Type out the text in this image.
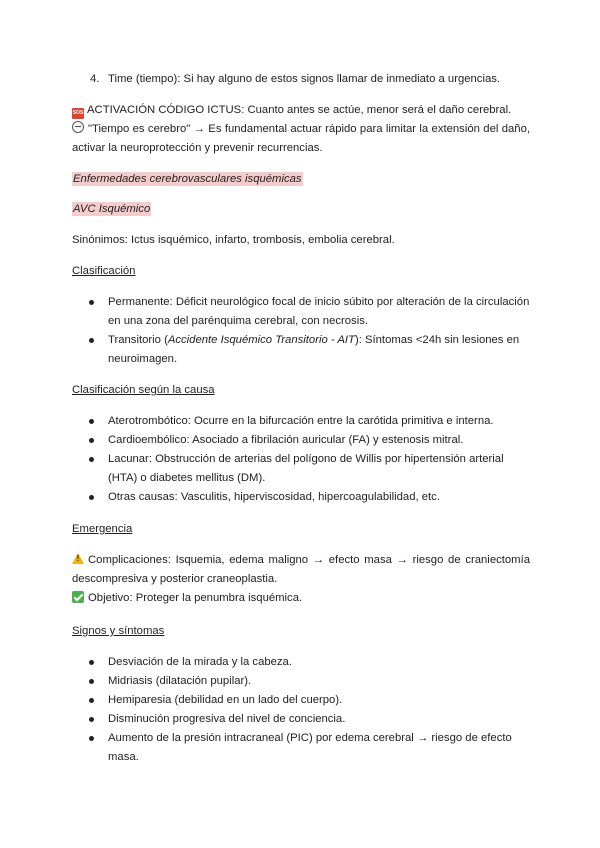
4. Time (tiempo): Si hay alguno de estos signos llamar de inmediato a urgencias.
SOS ACTIVACIÓN CÓDIGO ICTUS: Cuanto antes se actúe, menor será el daño cerebral.
"Tiempo es cerebro" → Es fundamental actuar rápido para limitar la extensión del daño, activar la neuroprotección y prevenir recurrencias.
Enfermedades cerebrovasculares isquémicas
AVC Isquémico
Sinónimos: Ictus isquémico, infarto, trombosis, embolia cerebral.
Clasificación
Permanente: Déficit neurológico focal de inicio súbito por alteración de la circulación en una zona del parénquima cerebral, con necrosis.
Transitorio (Accidente Isquémico Transitorio - AIT): Síntomas <24h sin lesiones en neuroimagen.
Clasificación según la causa
Aterotrombótico: Ocurre en la bifurcación entre la carótida primitiva e interna.
Cardioembólico: Asociado a fibrilación auricular (FA) y estenosis mitral.
Lacunar: Obstrucción de arterias del polígono de Willis por hipertensión arterial (HTA) o diabetes mellitus (DM).
Otras causas: Vasculitis, hiperviscosidad, hipercoagulabilidad, etc.
Emergencia
!Complicaciones: Isquemia, edema maligno → efecto masa → riesgo de craniectomía descompresiva y posterior craneoplastia.
Objetivo: Proteger la penumbra isquémica.
Signos y síntomas
Desviación de la mirada y la cabeza.
Midriasis (dilatación pupilar).
Hemiparesia (debilidad en un lado del cuerpo).
Disminución progresiva del nivel de conciencia.
Aumento de la presión intracraneal (PIC) por edema cerebral → riesgo de efecto masa.
